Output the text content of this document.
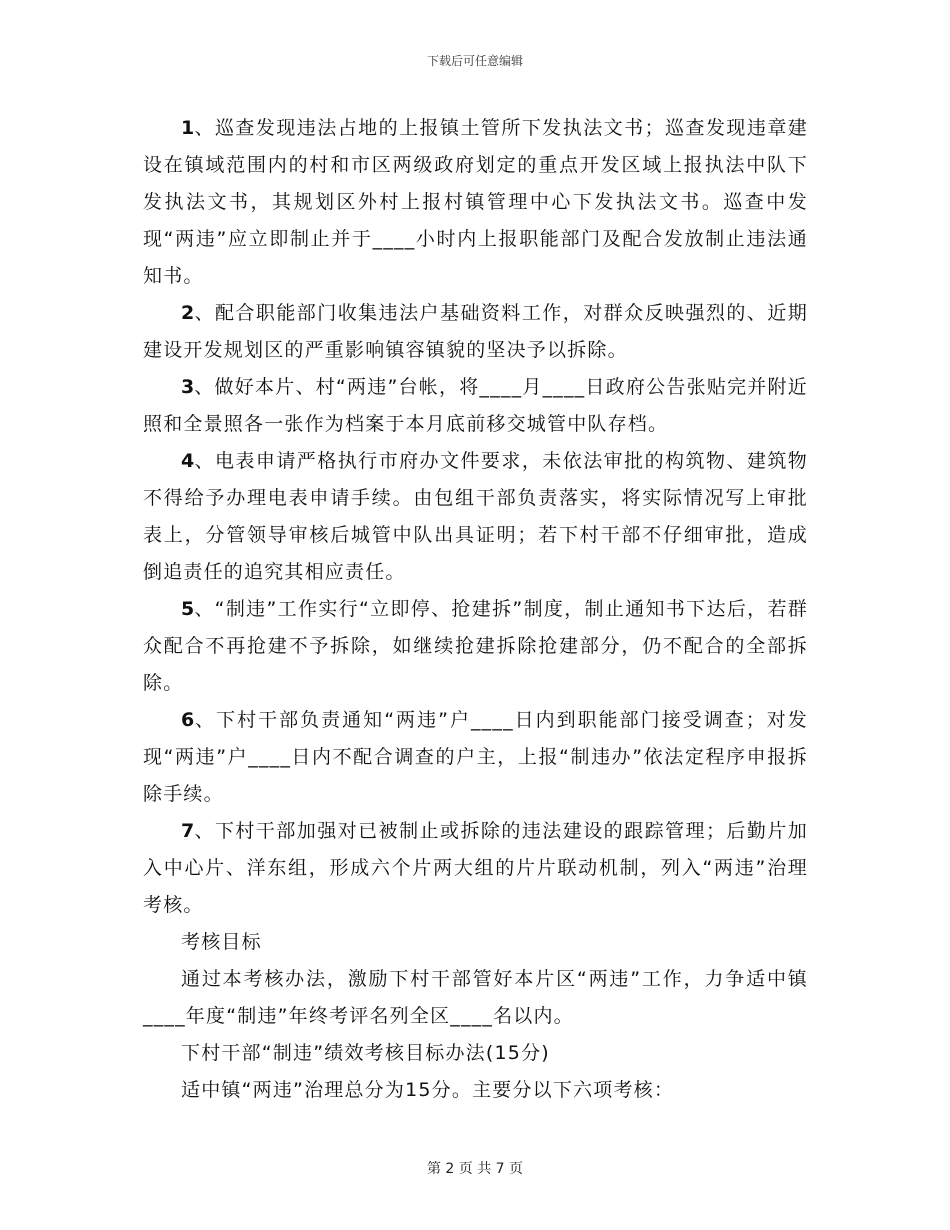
下载后可任意编辑

1、巡查发现违法占地的上报镇土管所下发执法文书；巡查发现违章建设在镇域范围内的村和市区两级政府划定的重点开发区域上报执法中队下发执法文书，其规划区外村上报村镇管理中心下发执法文书。巡查中发现“两违”应立即制止并于____小时内上报职能部门及配合发放制止违法通知书。

2、配合职能部门收集违法户基础资料工作，对群众反映强烈的、近期建设开发规划区的严重影响镇容镇貌的坚决予以拆除。

3、做好本片、村“两违”台帐，将____月____日政府公告张贴完并附近照和全景照各一张作为档案于本月底前移交城管中队存档。

4、电表申请严格执行市府办文件要求，未依法审批的构筑物、建筑物不得给予办理电表申请手续。由包组干部负责落实，将实际情况写上审批表上，分管领导审核后城管中队出具证明；若下村干部不仔细审批，造成倒追责任的追究其相应责任。

5、“制违”工作实行“立即停、抢建拆”制度，制止通知书下达后，若群众配合不再抢建不予拆除，如继续抢建拆除抢建部分，仍不配合的全部拆除。

6、下村干部负责通知“两违”户____日内到职能部门接受调查；对发现“两违”户____日内不配合调查的户主，上报“制违办”依法定程序申报拆除手续。

7、下村干部加强对已被制止或拆除的违法建设的跟踪管理；后勤片加入中心片、洋东组，形成六个片两大组的片片联动机制，列入“两违”治理考核。

考核目标

通过本考核办法，激励下村干部管好本片区“两违”工作，力争适中镇____年度“制违”年终考评名列全区____名以内。

下村干部“制违”绩效考核目标办法(15分)

适中镇“两违”治理总分为15分。主要分以下六项考核：

第 2 页 共 7 页
